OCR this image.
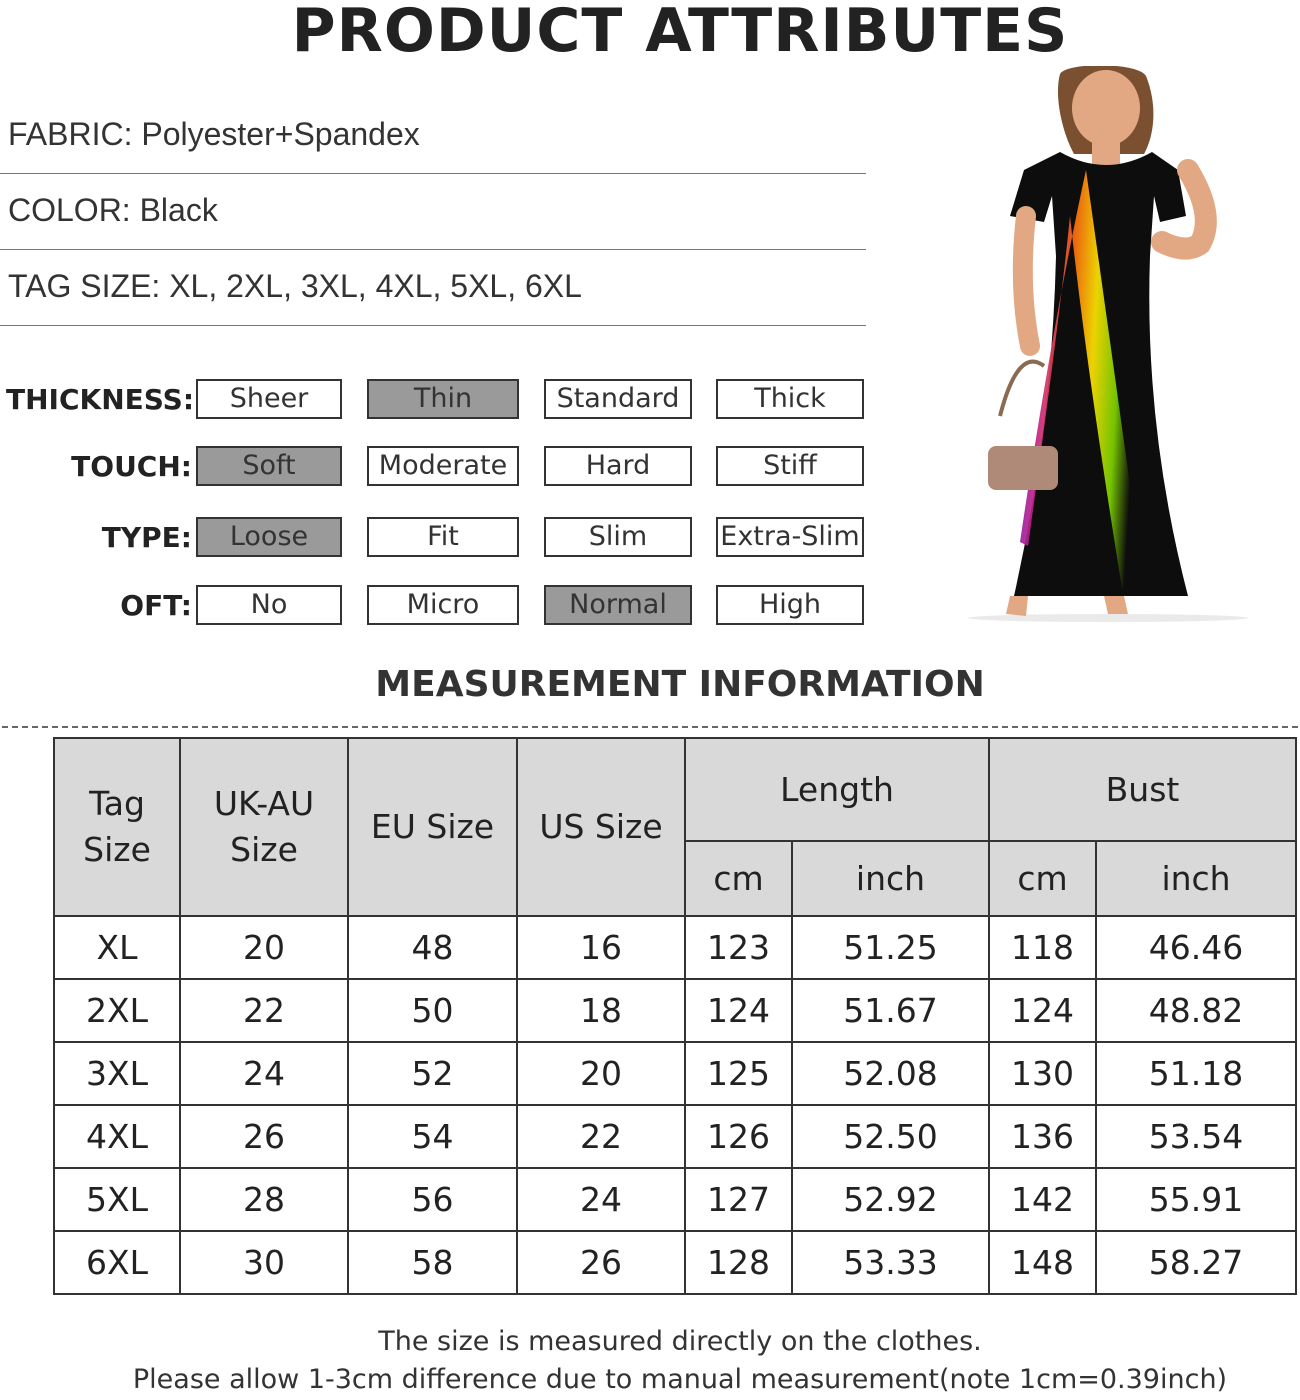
PRODUCT ATTRIBUTES
FABRIC: Polyester+Spandex
COLOR: Black
TAG SIZE: XL, 2XL, 3XL, 4XL, 5XL, 6XL
THICKNESS:	Sheer	Thin	Standard	Thick
TOUCH:	Soft	Moderate	Hard	Stiff
TYPE:	Loose	Fit	Slim	Extra-Slim
OFT:	No	Micro	Normal	High
MEASUREMENT INFORMATION
Tag Size	UK-AU Size	EU Size	US Size	Length		Bust	
				cm	inch	cm	inch
XL	20	48	16	123	51.25	118	46.46
2XL	22	50	18	124	51.67	124	48.82
3XL	24	52	20	125	52.08	130	51.18
4XL	26	54	22	126	52.50	136	53.54
5XL	28	56	24	127	52.92	142	55.91
6XL	30	58	26	128	53.33	148	58.27
The size is measured directly on the clothes.
Please allow 1-3cm difference due to manual measurement(note 1cm=0.39inch)
